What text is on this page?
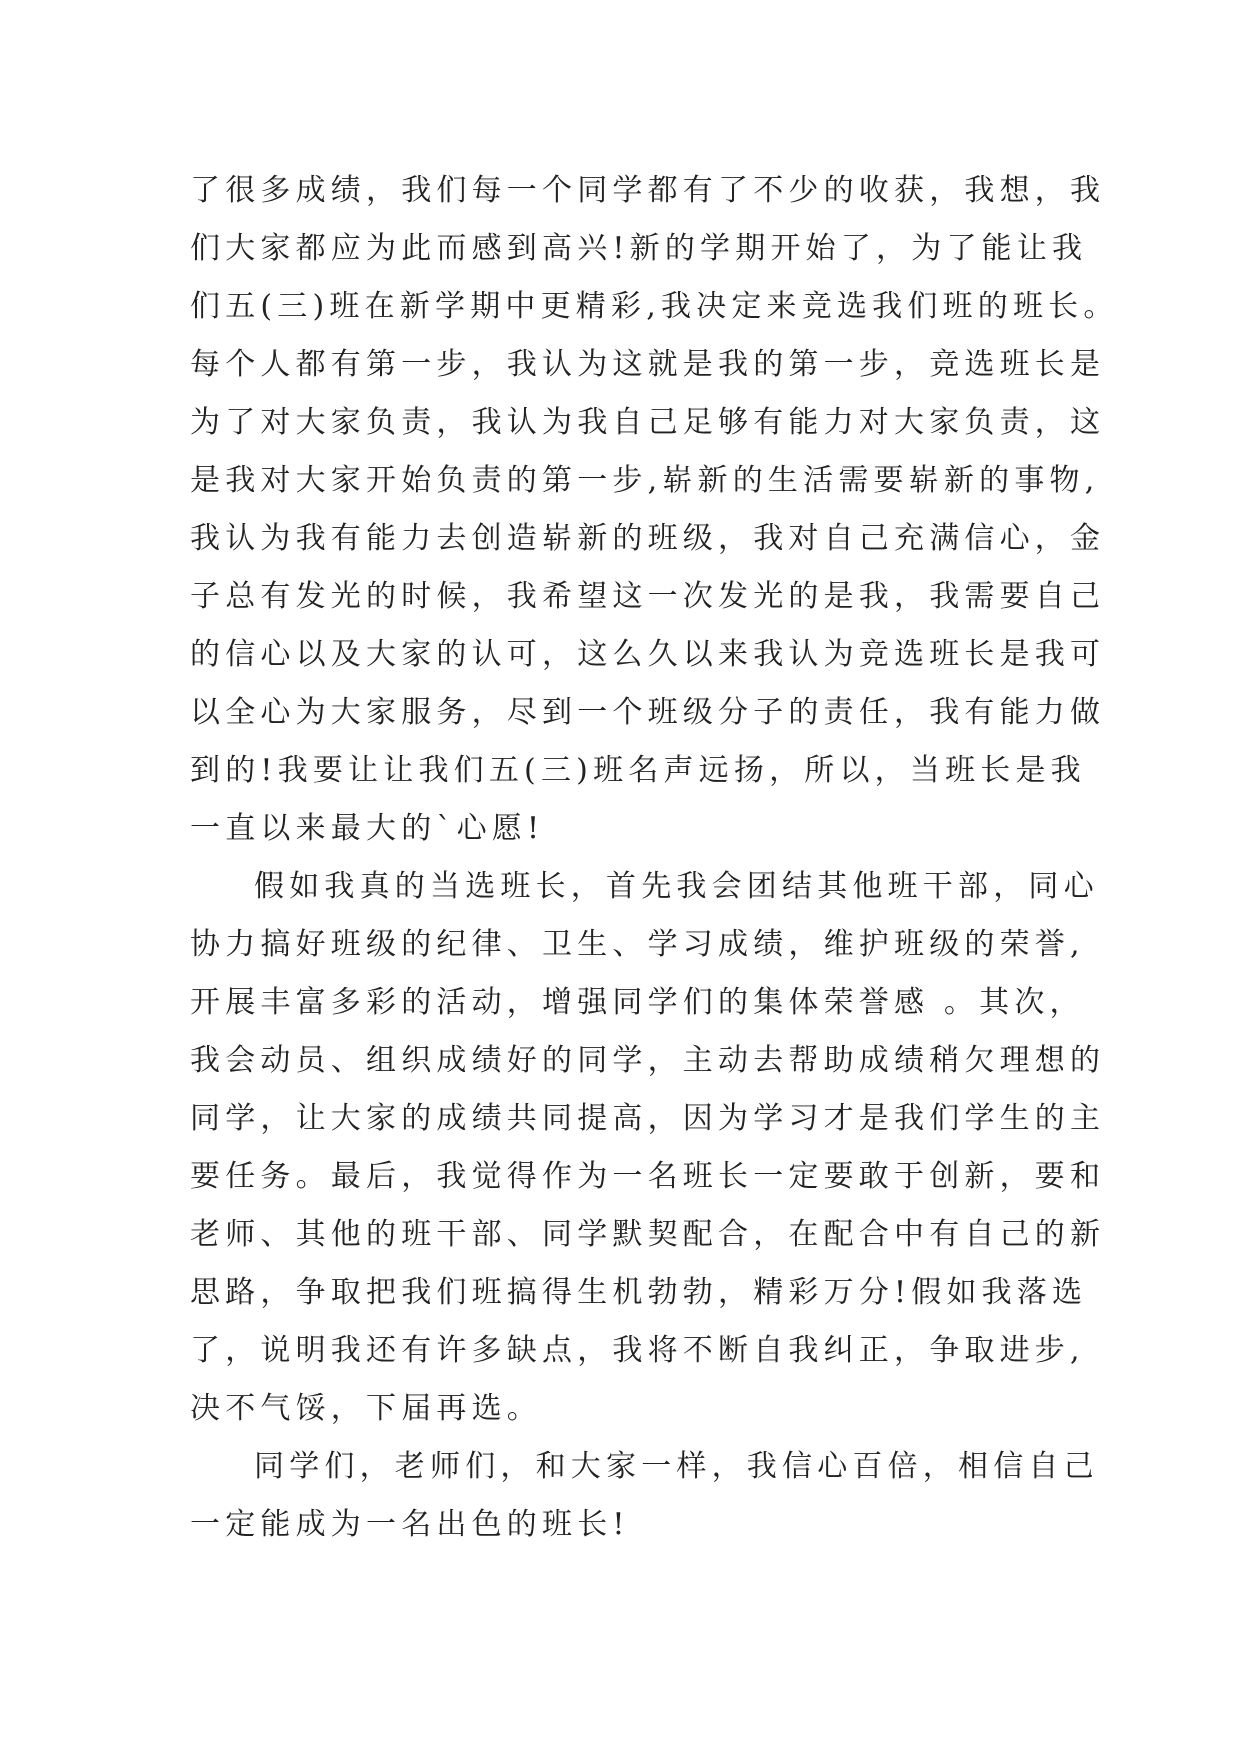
了很多成绩，我们每一个同学都有了不少的收获，我想，我
们大家都应为此而感到高兴!新的学期开始了，为了能让我
们五(三)班在新学期中更精彩,我决定来竞选我们班的班长。
每个人都有第一步，我认为这就是我的第一步，竞选班长是
为了对大家负责，我认为我自己足够有能力对大家负责，这
是我对大家开始负责的第一步,崭新的生活需要崭新的事物,
我认为我有能力去创造崭新的班级，我对自己充满信心，金
子总有发光的时候，我希望这一次发光的是我，我需要自己
的信心以及大家的认可，这么久以来我认为竞选班长是我可
以全心为大家服务，尽到一个班级分子的责任，我有能力做
到的!我要让让我们五(三)班名声远扬，所以，当班长是我
一直以来最大的`心愿!
假如我真的当选班长，首先我会团结其他班干部，同心
协力搞好班级的纪律、卫生、学习成绩，维护班级的荣誉,
开展丰富多彩的活动，增强同学们的集体荣誉感 。其次，
我会动员、组织成绩好的同学，主动去帮助成绩稍欠理想的
同学，让大家的成绩共同提高，因为学习才是我们学生的主
要任务。最后，我觉得作为一名班长一定要敢于创新，要和
老师、其他的班干部、同学默契配合，在配合中有自己的新
思路，争取把我们班搞得生机勃勃，精彩万分!假如我落选
了，说明我还有许多缺点，我将不断自我纠正，争取进步,
决不气馁，下届再选。
同学们，老师们，和大家一样，我信心百倍，相信自己
一定能成为一名出色的班长!
